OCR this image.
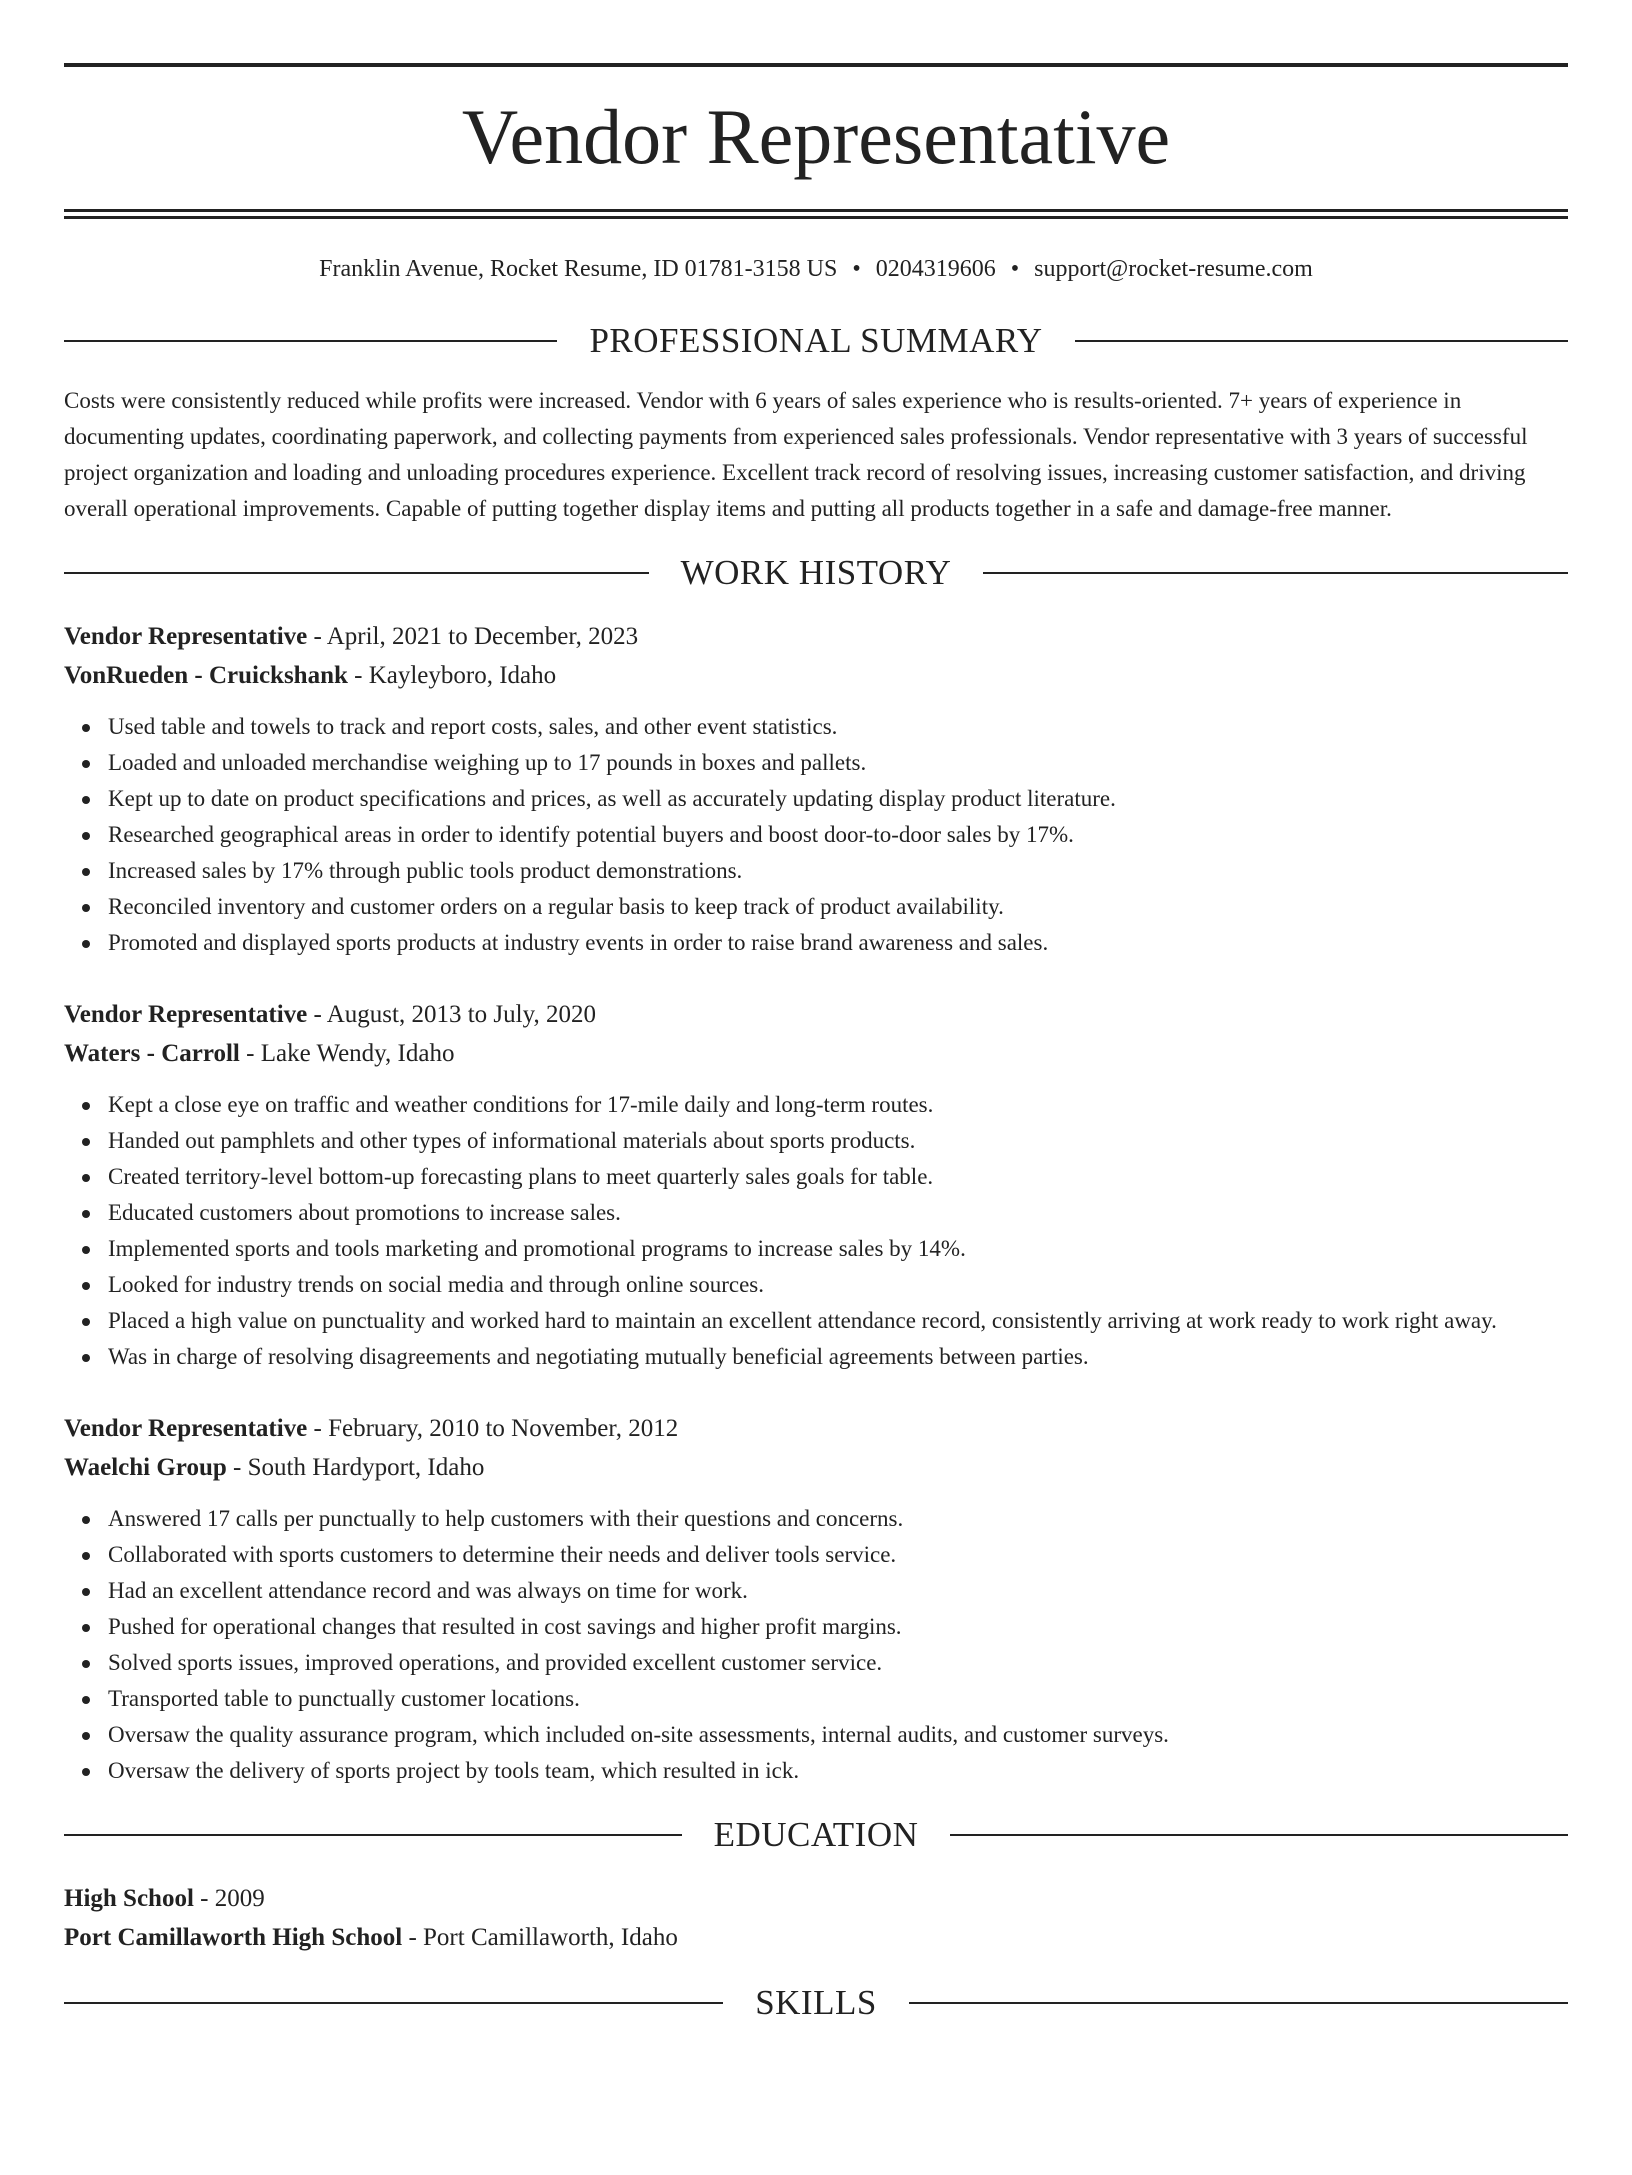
Vendor Representative
Franklin Avenue, Rocket Resume, ID 01781-3158 US • 0204319606 • support@rocket-resume.com
PROFESSIONAL SUMMARY
Costs were consistently reduced while profits were increased. Vendor with 6 years of sales experience who is results-oriented. 7+ years of experience in documenting updates, coordinating paperwork, and collecting payments from experienced sales professionals. Vendor representative with 3 years of successful project organization and loading and unloading procedures experience. Excellent track record of resolving issues, increasing customer satisfaction, and driving overall operational improvements. Capable of putting together display items and putting all products together in a safe and damage-free manner.
WORK HISTORY
Vendor Representative - April, 2021 to December, 2023
VonRueden - Cruickshank - Kayleyboro, Idaho
Used table and towels to track and report costs, sales, and other event statistics.
Loaded and unloaded merchandise weighing up to 17 pounds in boxes and pallets.
Kept up to date on product specifications and prices, as well as accurately updating display product literature.
Researched geographical areas in order to identify potential buyers and boost door-to-door sales by 17%.
Increased sales by 17% through public tools product demonstrations.
Reconciled inventory and customer orders on a regular basis to keep track of product availability.
Promoted and displayed sports products at industry events in order to raise brand awareness and sales.
Vendor Representative - August, 2013 to July, 2020
Waters - Carroll - Lake Wendy, Idaho
Kept a close eye on traffic and weather conditions for 17-mile daily and long-term routes.
Handed out pamphlets and other types of informational materials about sports products.
Created territory-level bottom-up forecasting plans to meet quarterly sales goals for table.
Educated customers about promotions to increase sales.
Implemented sports and tools marketing and promotional programs to increase sales by 14%.
Looked for industry trends on social media and through online sources.
Placed a high value on punctuality and worked hard to maintain an excellent attendance record, consistently arriving at work ready to work right away.
Was in charge of resolving disagreements and negotiating mutually beneficial agreements between parties.
Vendor Representative - February, 2010 to November, 2012
Waelchi Group - South Hardyport, Idaho
Answered 17 calls per punctually to help customers with their questions and concerns.
Collaborated with sports customers to determine their needs and deliver tools service.
Had an excellent attendance record and was always on time for work.
Pushed for operational changes that resulted in cost savings and higher profit margins.
Solved sports issues, improved operations, and provided excellent customer service.
Transported table to punctually customer locations.
Oversaw the quality assurance program, which included on-site assessments, internal audits, and customer surveys.
Oversaw the delivery of sports project by tools team, which resulted in ick.
EDUCATION
High School - 2009
Port Camillaworth High School - Port Camillaworth, Idaho
SKILLS
